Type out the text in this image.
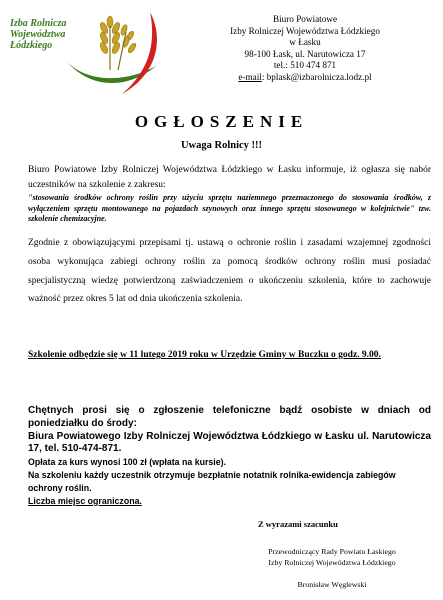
Izba Rolnicza
Województwa
Łódzkiego
Biuro Powiatowe
Izby Rolniczej Województwa Łódzkiego
w Łasku
98-100 Łask, ul. Narutowicza 17
tel.: 510 474 871
e-mail: bplask@izbarolnicza.lodz.pl
OGŁOSZENIE
Uwaga Rolnicy !!!
Biuro Powiatowe Izby Rolniczej Województwa Łódzkiego w Łasku informuje, iż ogłasza się nabór uczestników na szkolenie z zakresu:
"stosowania środków ochrony roślin przy użyciu sprzętu naziemnego przeznaczonego do stosowania środków, z wyłączeniem sprzętu montowanego na pojazdach szynowych oraz innego sprzętu stosowanego w kolejnictwie" tzw. szkolenie chemizacyjne.
Zgodnie z obowiązującymi przepisami tj. ustawą o ochronie roślin i zasadami wzajemnej zgodności osoba wykonująca zabiegi ochrony roślin za pomocą środków ochrony roślin musi posiadać specjalistyczną wiedzę potwierdzoną zaświadczeniem o ukończeniu szkolenia, które to zachowuje ważność przez okres 5 lat od dnia ukończenia szkolenia.
Szkolenie odbędzie się w 11 lutego 2019 roku w Urzędzie Gminy w Buczku o godz. 9.00.
Chętnych prosi się o zgłoszenie telefoniczne bądź osobiste w dniach od poniedziałku do środy:
Biura Powiatowego Izby Rolniczej Województwa Łódzkiego w Łasku ul. Narutowicza 17, tel. 510-474-871.
Opłata za kurs wynosi 100 zł (wpłata na kursie).
Na szkoleniu każdy uczestnik otrzymuje bezpłatnie notatnik rolnika-ewidencja zabiegów ochrony roślin.
Liczba miejsc ograniczona.
Z wyrazami szacunku
Przewodniczący Rady Powiatu Łaskiego
Izby Rolniczej Województwa Łódzkiego
Bronisław Węglewski
